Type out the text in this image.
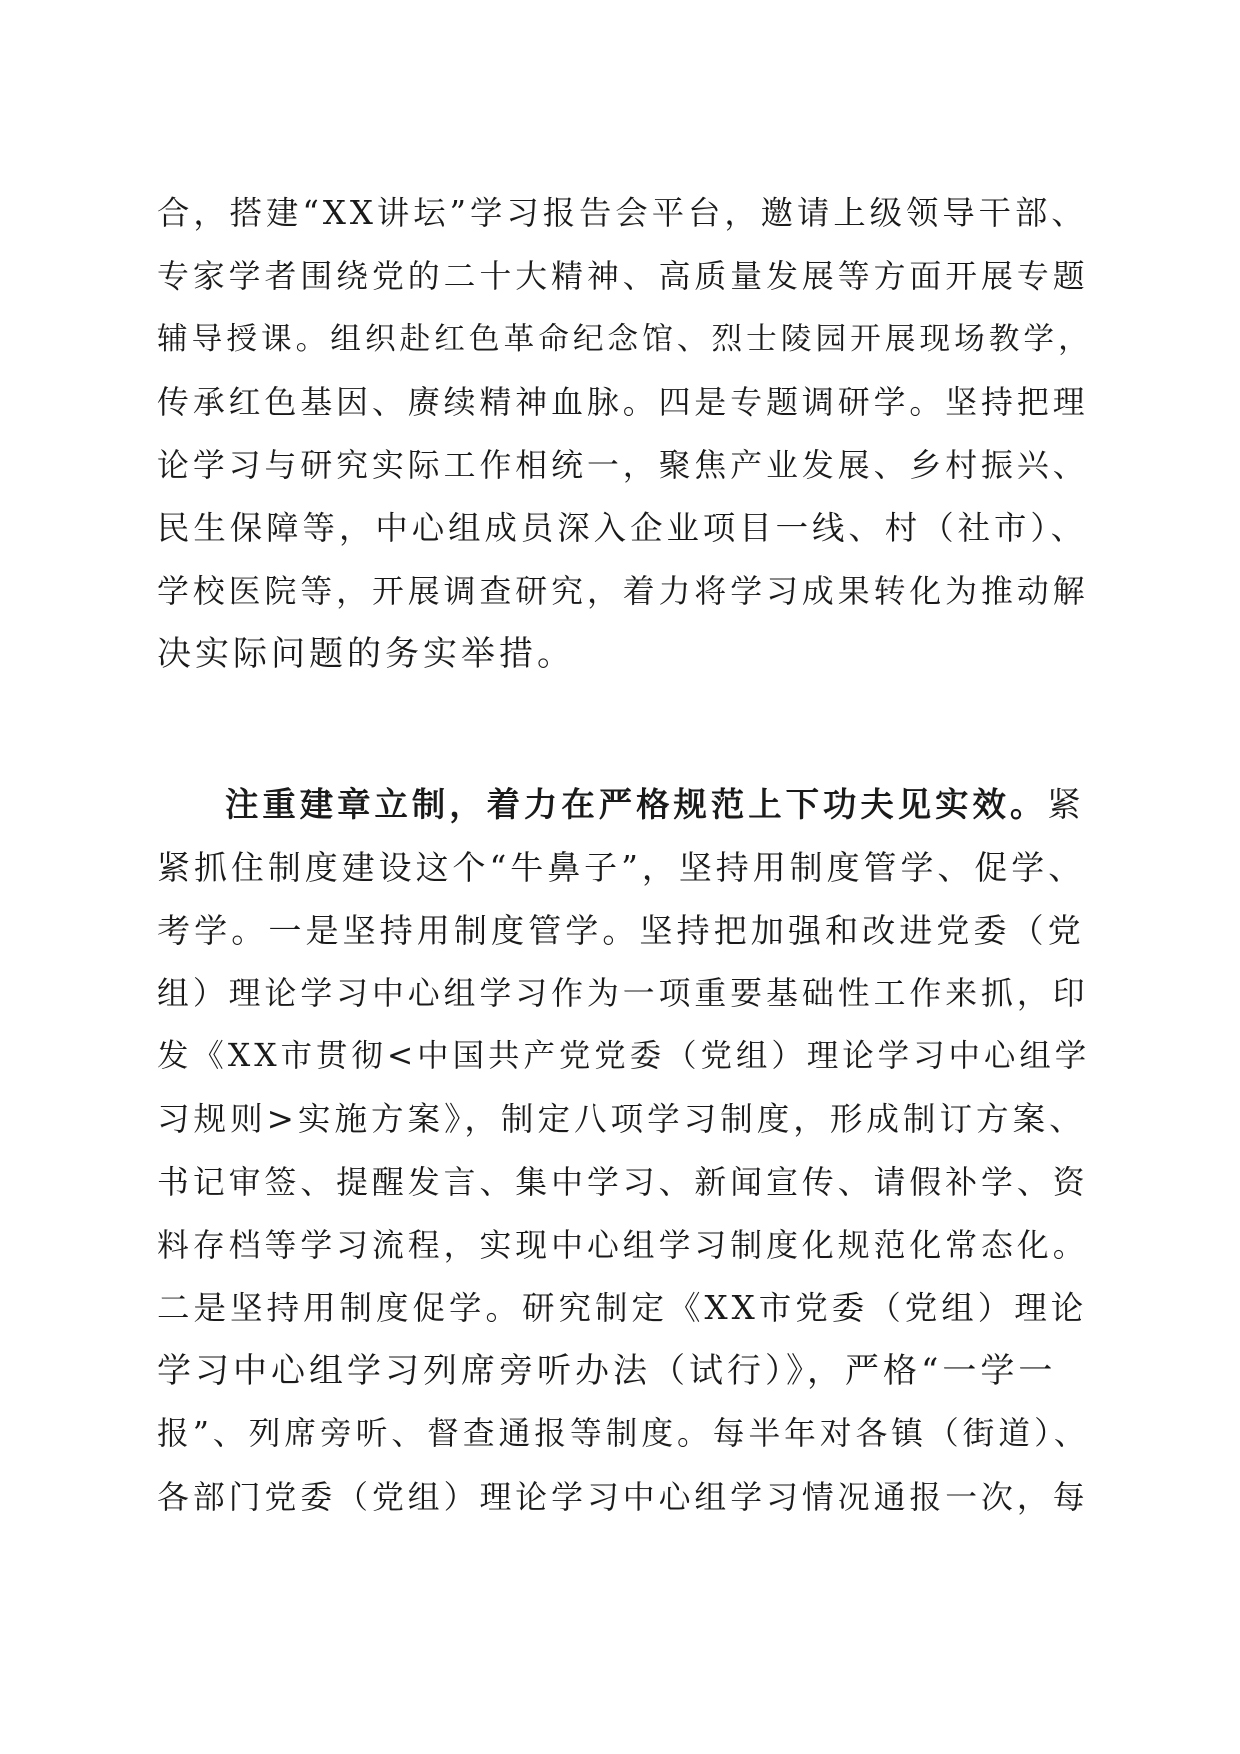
合，搭建“XX讲坛”学习报告会平台，邀请上级领导干部、
专家学者围绕党的二十大精神、高质量发展等方面开展专题
辅导授课。组织赴红色革命纪念馆、烈士陵园开展现场教学，
传承红色基因、赓续精神血脉。四是专题调研学。坚持把理
论学习与研究实际工作相统一，聚焦产业发展、乡村振兴、
民生保障等，中心组成员深入企业项目一线、村（社市）、
学校医院等，开展调查研究，着力将学习成果转化为推动解
决实际问题的务实举措。
注重建章立制，着力在严格规范上下功夫见实效。紧
紧抓住制度建设这个“牛鼻子”，坚持用制度管学、促学、
考学。一是坚持用制度管学。坚持把加强和改进党委（党
组）理论学习中心组学习作为一项重要基础性工作来抓，印
发《XX市贯彻<中国共产党党委（党组）理论学习中心组学
习规则>实施方案》，制定八项学习制度，形成制订方案、
书记审签、提醒发言、集中学习、新闻宣传、请假补学、资
料存档等学习流程，实现中心组学习制度化规范化常态化。
二是坚持用制度促学。研究制定《XX市党委（党组）理论
学习中心组学习列席旁听办法（试行）》，严格“一学一
报”、列席旁听、督查通报等制度。每半年对各镇（街道）、
各部门党委（党组）理论学习中心组学习情况通报一次，每
